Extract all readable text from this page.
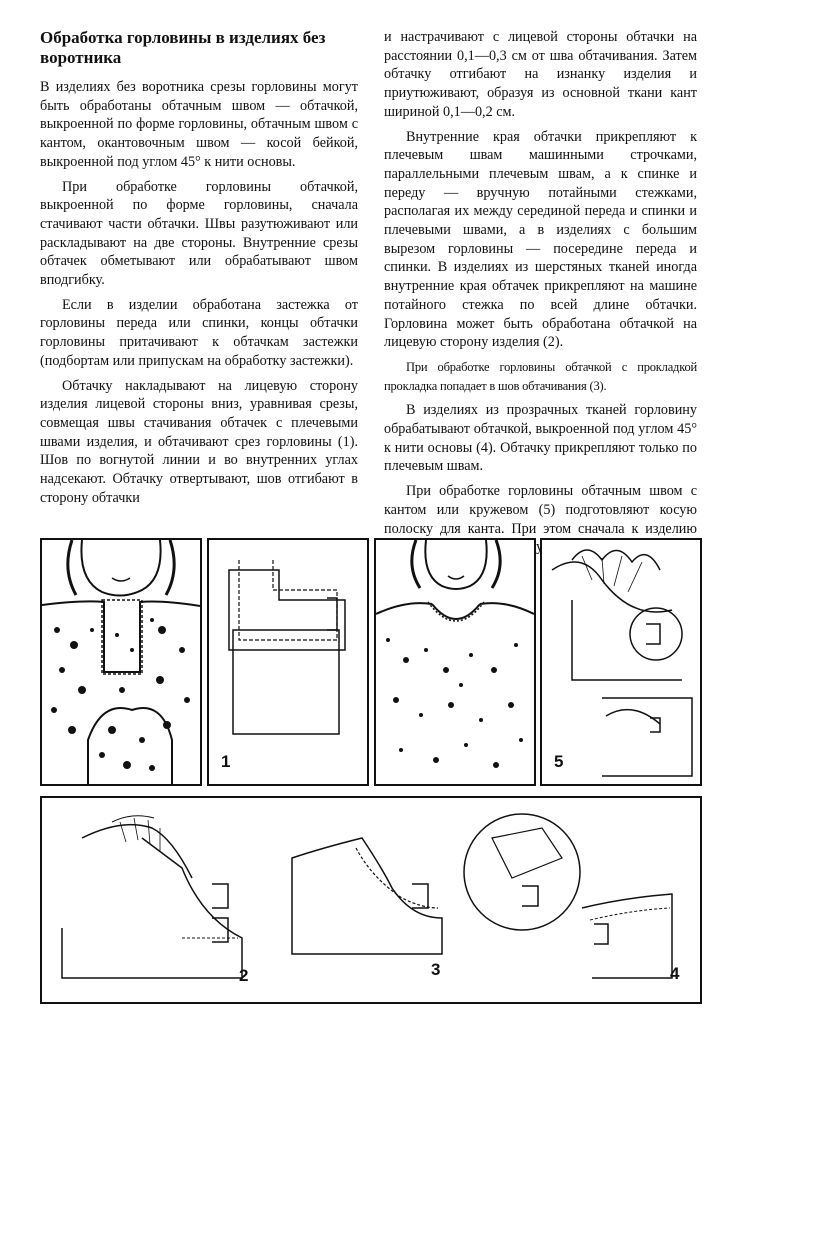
Обработка горловины в изделиях без воротника

В изделиях без воротника срезы горловины могут быть обработаны обтачным швом — обтачкой, выкроенной по форме горловины, обтачным швом с кантом, окантовочным швом — косой бейкой, выкроенной под углом 45° к нити основы.

При обработке горловины обтачкой, выкроенной по форме горловины, сначала стачивают части обтачки. Швы разутюживают или раскладывают на две стороны. Внутренние срезы обтачек обметывают или обрабатывают швом вподгибку.

Если в изделии обработана застежка от горловины переда или спинки, концы обтачки горловины притачивают к обтачкам застежки (подбортам или припускам на обработку застежки).

Обтачку накладывают на лицевую сторону изделия лицевой стороны вниз, уравнивая срезы, совмещая швы стачивания обтачек с плечевыми швами изделия, и обтачивают срез горловины (1). Шов по вогнутой линии и во внутренних углах надсекают. Обтачку отвертывают, шов отгибают в сторону обтачки

и настрачивают с лицевой стороны обтачки на расстоянии 0,1—0,3 см от шва обтачивания. Затем обтачку отгибают на изнанку изделия и приутюживают, образуя из основной ткани кант шириной 0,1—0,2 см.

Внутренние края обтачки прикрепляют к плечевым швам машинными строчками, параллельными плечевым швам, а к спинке и переду — вручную потайными стежками, располагая их между серединой переда и спинки и плечевыми швами, а в изделиях с большим вырезом горловины — посередине переда и спинки. В изделиях из шерстяных тканей иногда внутренние края обтачек прикрепляют на машине потайного стежка по всей длине обтачки. Горловина может быть обработана обтачкой на лицевую сторону изделия (2).

При обработке горловины обтачкой с прокладкой прокладка попадает в шов обтачивания (3).

В изделиях из прозрачных тканей горловину обрабатывают обтачкой, выкроенной под углом 45° к нити основы (4). Обтачку прикрепляют только по плечевым швам.

При обработке горловины обтачным швом с кантом или кружевом (5) подготовляют косую полоску для канта. При этом сначала к изделию

1	5
2	3	4
